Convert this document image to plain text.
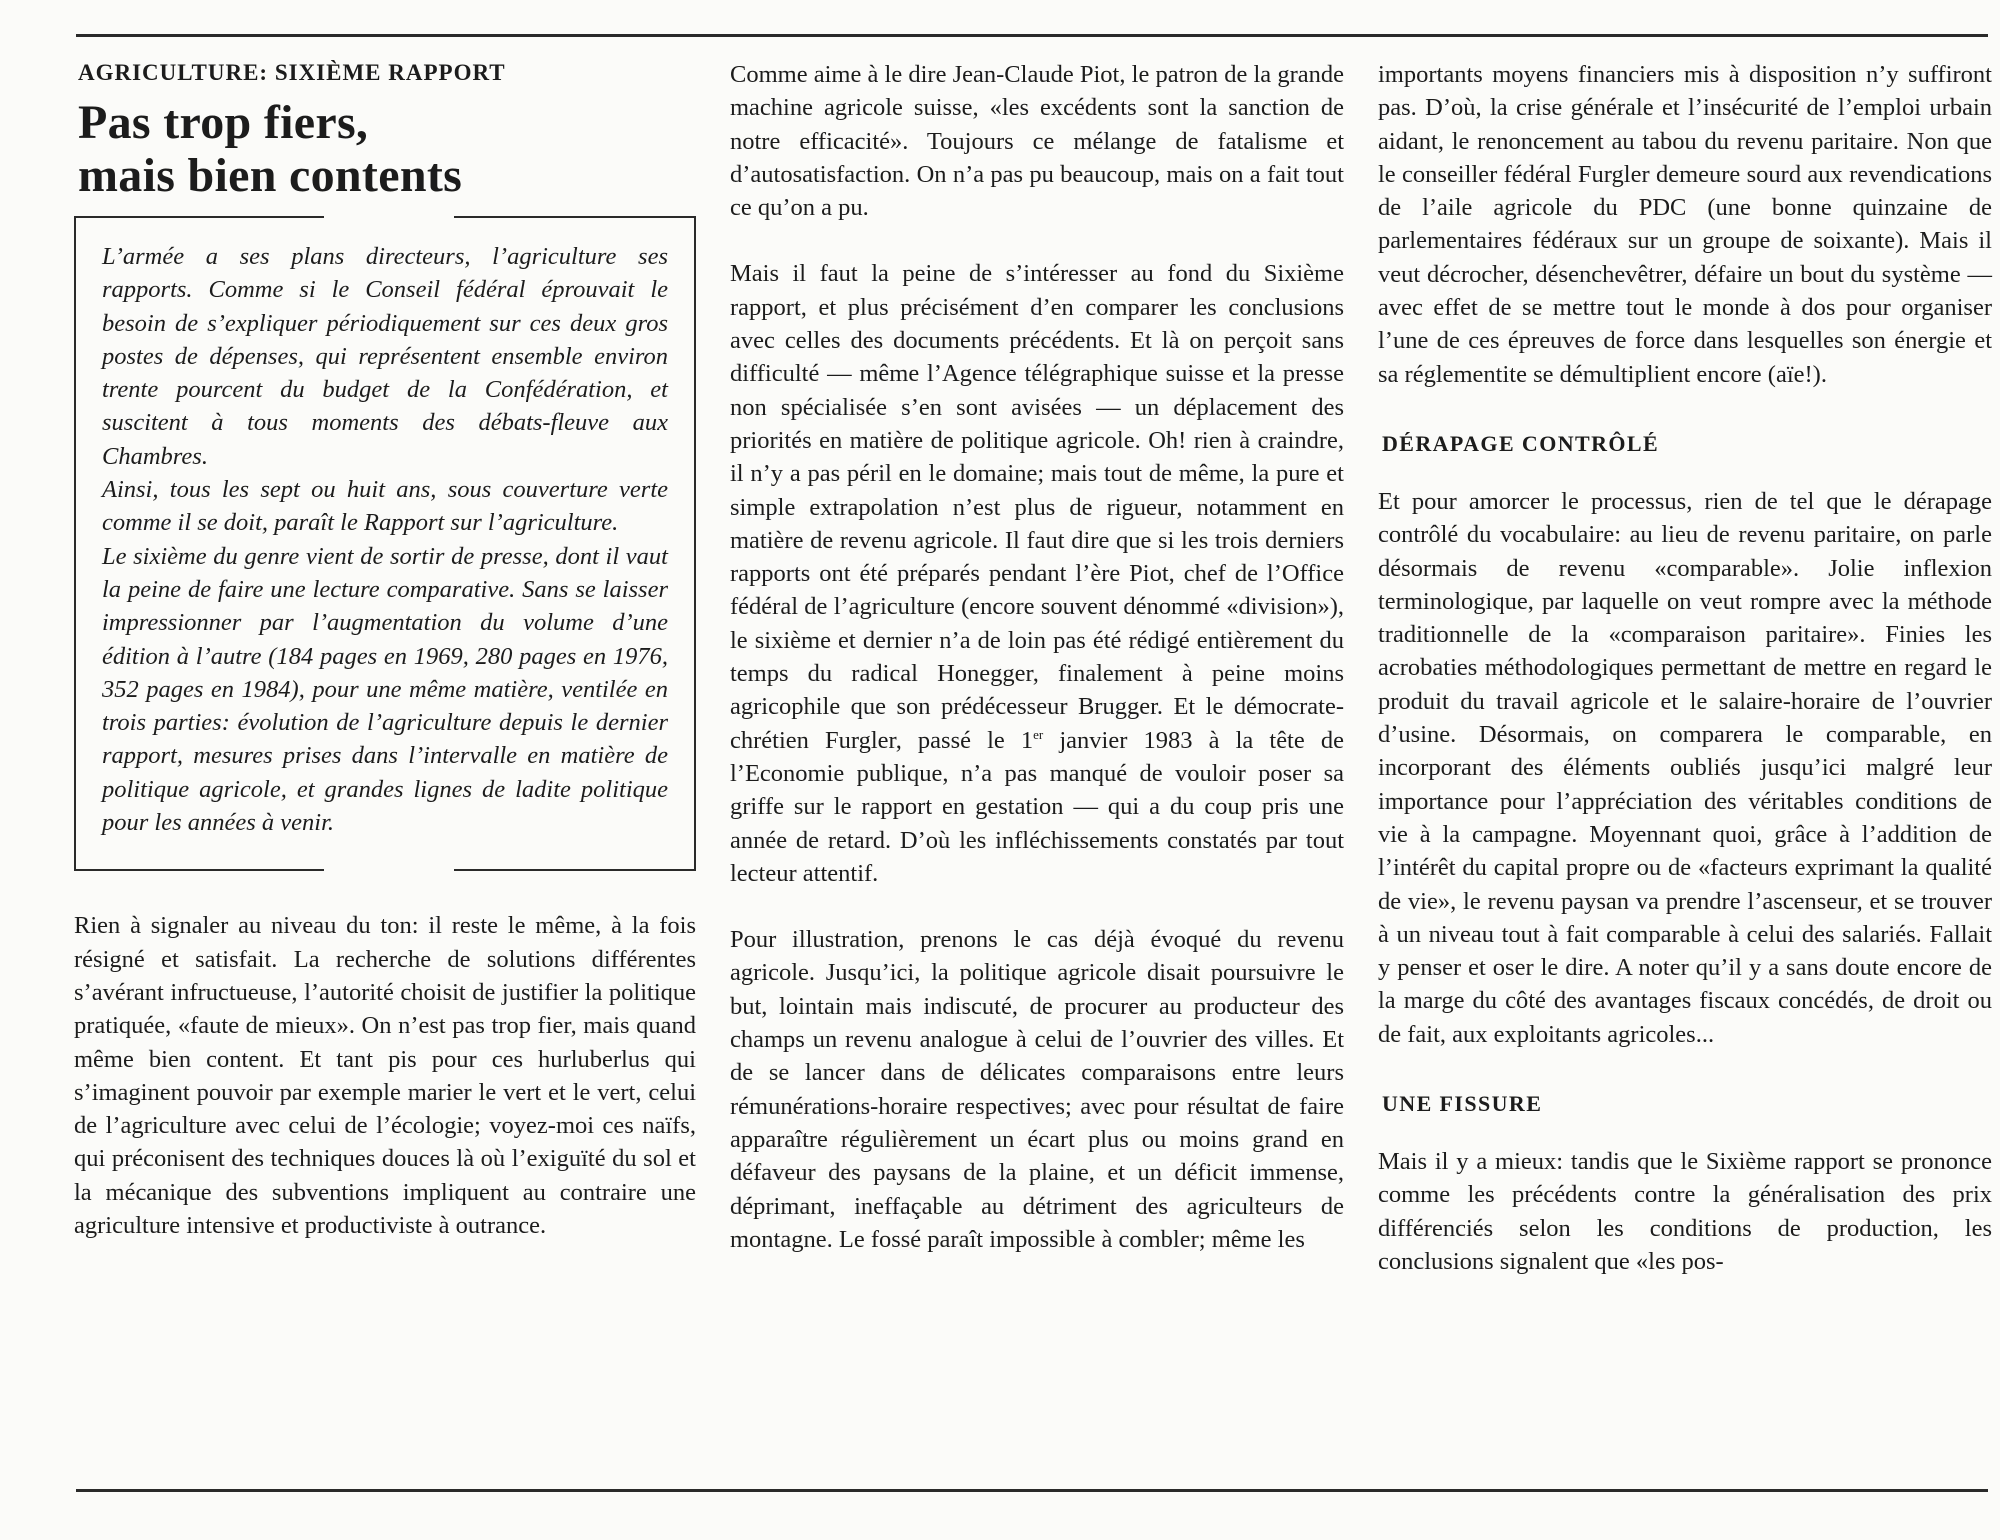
AGRICULTURE: SIXIÈME RAPPORT
Pas trop fiers,
mais bien contents

L’armée a ses plans directeurs, l’agriculture ses rapports. Comme si le Conseil fédéral éprouvait le besoin de s’expliquer périodiquement sur ces deux gros postes de dépenses, qui représentent ensemble environ trente pourcent du budget de la Confédération, et suscitent à tous moments des débats-fleuve aux Chambres.

Ainsi, tous les sept ou huit ans, sous couverture verte comme il se doit, paraît le Rapport sur l’agriculture.

Le sixième du genre vient de sortir de presse, dont il vaut la peine de faire une lecture comparative. Sans se laisser impressionner par l’augmentation du volume d’une édition à l’autre (184 pages en 1969, 280 pages en 1976, 352 pages en 1984), pour une même matière, ventilée en trois parties: évolution de l’agriculture depuis le dernier rapport, mesures prises dans l’intervalle en matière de politique agricole, et grandes lignes de ladite politique pour les années à venir.

Rien à signaler au niveau du ton: il reste le même, à la fois résigné et satisfait. La recherche de solutions différentes s’avérant infructueuse, l’autorité choisit de justifier la politique pratiquée, «faute de mieux». On n’est pas trop fier, mais quand même bien content. Et tant pis pour ces hurluberlus qui s’imaginent pouvoir par exemple marier le vert et le vert, celui de l’agriculture avec celui de l’écologie; voyez-moi ces naïfs, qui préconisent des techniques douces là où l’exiguïté du sol et la mécanique des subventions impliquent au contraire une agriculture intensive et productiviste à outrance.

Comme aime à le dire Jean-Claude Piot, le patron de la grande machine agricole suisse, «les excédents sont la sanction de notre efficacité». Toujours ce mélange de fatalisme et d’autosatisfaction. On n’a pas pu beaucoup, mais on a fait tout ce qu’on a pu.

Mais il faut la peine de s’intéresser au fond du Sixième rapport, et plus précisément d’en comparer les conclusions avec celles des documents précédents. Et là on perçoit sans difficulté — même l’Agence télégraphique suisse et la presse non spécialisée s’en sont avisées — un déplacement des priorités en matière de politique agricole. Oh! rien à craindre, il n’y a pas péril en le domaine; mais tout de même, la pure et simple extrapolation n’est plus de rigueur, notamment en matière de revenu agricole. Il faut dire que si les trois derniers rapports ont été préparés pendant l’ère Piot, chef de l’Office fédéral de l’agriculture (encore souvent dénommé «division»), le sixième et dernier n’a de loin pas été rédigé entièrement du temps du radical Honegger, finalement à peine moins agricophile que son prédécesseur Brugger. Et le démocrate-chrétien Furgler, passé le 1er janvier 1983 à la tête de l’Economie publique, n’a pas manqué de vouloir poser sa griffe sur le rapport en gestation — qui a du coup pris une année de retard. D’où les infléchissements constatés par tout lecteur attentif.

Pour illustration, prenons le cas déjà évoqué du revenu agricole. Jusqu’ici, la politique agricole disait poursuivre le but, lointain mais indiscuté, de procurer au producteur des champs un revenu analogue à celui de l’ouvrier des villes. Et de se lancer dans de délicates comparaisons entre leurs rémunérations-horaire respectives; avec pour résultat de faire apparaître régulièrement un écart plus ou moins grand en défaveur des paysans de la plaine, et un déficit immense, déprimant, ineffaçable au détriment des agriculteurs de montagne. Le fossé paraît impossible à combler; même les

importants moyens financiers mis à disposition n’y suffiront pas. D’où, la crise générale et l’insécurité de l’emploi urbain aidant, le renoncement au tabou du revenu paritaire. Non que le conseiller fédéral Furgler demeure sourd aux revendications de l’aile agricole du PDC (une bonne quinzaine de parlementaires fédéraux sur un groupe de soixante). Mais il veut décrocher, désenchevêtrer, défaire un bout du système — avec effet de se mettre tout le monde à dos pour organiser l’une de ces épreuves de force dans lesquelles son énergie et sa réglementite se démultiplient encore (aïe!).

DÉRAPAGE CONTRÔLÉ

Et pour amorcer le processus, rien de tel que le dérapage contrôlé du vocabulaire: au lieu de revenu paritaire, on parle désormais de revenu «comparable». Jolie inflexion terminologique, par laquelle on veut rompre avec la méthode traditionnelle de la «comparaison paritaire». Finies les acrobaties méthodologiques permettant de mettre en regard le produit du travail agricole et le salaire-horaire de l’ouvrier d’usine. Désormais, on comparera le comparable, en incorporant des éléments oubliés jusqu’ici malgré leur importance pour l’appréciation des véritables conditions de vie à la campagne. Moyennant quoi, grâce à l’addition de l’intérêt du capital propre ou de «facteurs exprimant la qualité de vie», le revenu paysan va prendre l’ascenseur, et se trouver à un niveau tout à fait comparable à celui des salariés. Fallait y penser et oser le dire. A noter qu’il y a sans doute encore de la marge du côté des avantages fiscaux concédés, de droit ou de fait, aux exploitants agricoles...

UNE FISSURE

Mais il y a mieux: tandis que le Sixième rapport se prononce comme les précédents contre la généralisation des prix différenciés selon les conditions de production, les conclusions signalent que «les pos-
